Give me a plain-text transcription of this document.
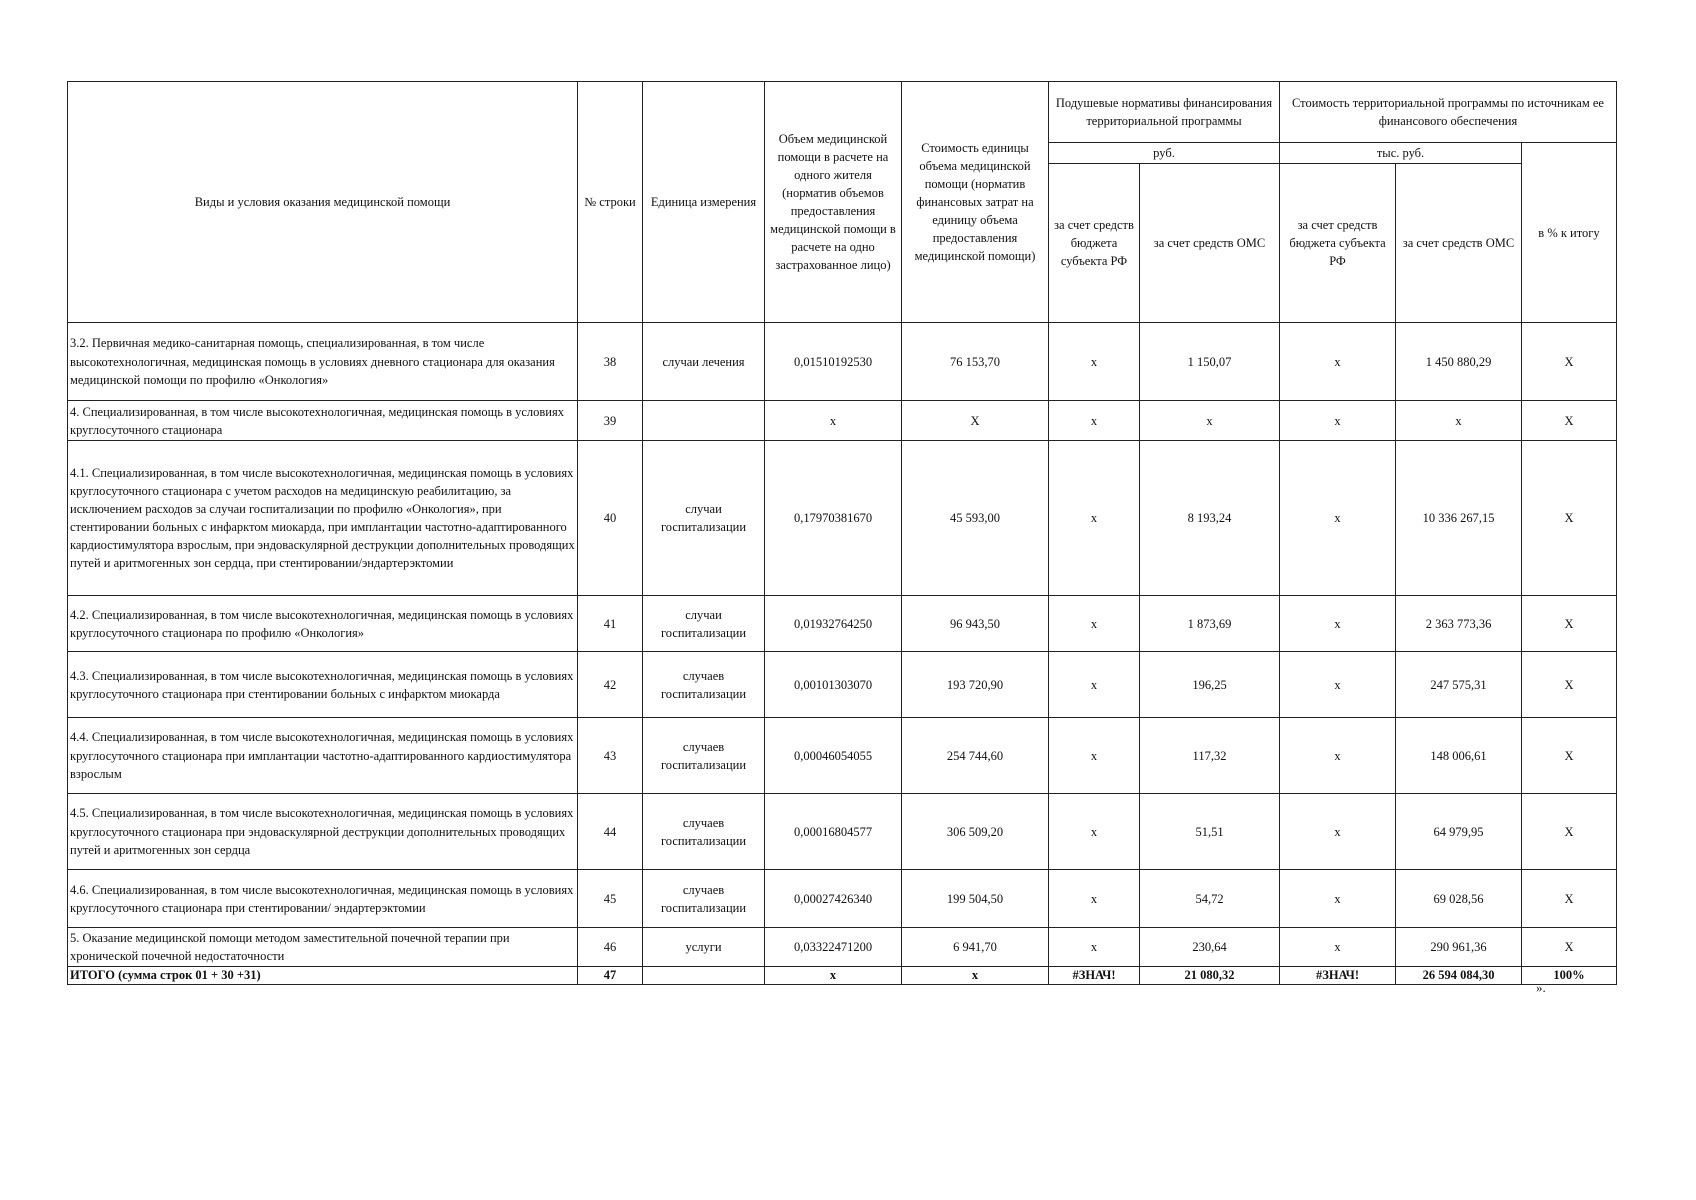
Виды и условия оказания медицинской помощи	№ строки	Единица измерения	Объем медицинской помощи в расчете на одного жителя (норматив объемов предоставления медицинской помощи в расчете на одно застрахованное лицо)	Стоимость единицы объема медицинской помощи (норматив финансовых затрат на единицу объема предоставления медицинской помощи)	Подушевые нормативы финансирования территориальной программы		Стоимость территориальной программы по источникам ее финансового обеспечения		
					руб.		тыс. руб.		в % к итогу
					за счет средств бюджета субъекта РФ	за счет средств ОМС	за счет средств бюджета субъекта РФ	за счет средств ОМС	
3.2. Первичная медико-санитарная помощь, специализированная, в том числе высокотехнологичная, медицинская помощь в условиях дневного стационара для оказания медицинской помощи по профилю «Онкология»	38	случаи лечения	0,01510192530	76 153,70	х	1 150,07	х	1 450 880,29	Х
4. Специализированная, в том числе высокотехнологичная, медицинская помощь в условиях круглосуточного стационара	39		х	Х	х	х	х	х	Х
4.1. Специализированная, в том числе высокотехнологичная, медицинская помощь в условиях круглосуточного стационара с учетом расходов на медицинскую реабилитацию, за исключением расходов за случаи госпитализации по профилю «Онкология», при стентировании больных с инфарктом миокарда, при имплантации частотно-адаптированного кардиостимулятора взрослым, при эндоваскулярной деструкции дополнительных проводящих путей и аритмогенных зон сердца, при стентировании/эндартерэктомии	40	случаи госпитализации	0,17970381670	45 593,00	х	8 193,24	х	10 336 267,15	Х
4.2. Специализированная, в том числе высокотехнологичная, медицинская помощь в условиях круглосуточного стационара по профилю «Онкология»	41	случаи госпитализации	0,01932764250	96 943,50	х	1 873,69	х	2 363 773,36	Х
4.3. Специализированная, в том числе высокотехнологичная, медицинская помощь в условиях круглосуточного стационара при стентировании больных с инфарктом миокарда	42	случаев госпитализации	0,00101303070	193 720,90	х	196,25	х	247 575,31	Х
4.4. Специализированная, в том числе высокотехнологичная, медицинская помощь в условиях круглосуточного стационара при имплантации частотно-адаптированного кардиостимулятора взрослым	43	случаев госпитализации	0,00046054055	254 744,60	х	117,32	х	148 006,61	Х
4.5. Специализированная, в том числе высокотехнологичная, медицинская помощь в условиях круглосуточного стационара при эндоваскулярной деструкции дополнительных проводящих путей и аритмогенных зон сердца	44	случаев госпитализации	0,00016804577	306 509,20	х	51,51	х	64 979,95	Х
4.6. Специализированная, в том числе высокотехнологичная, медицинская помощь в условиях круглосуточного стационара при стентировании/ эндартерэктомии	45	случаев госпитализации	0,00027426340	199 504,50	х	54,72	х	69 028,56	Х
5. Оказание медицинской помощи методом заместительной почечной терапии при хронической почечной недостаточности	46	услуги	0,03322471200	6 941,70	х	230,64	х	290 961,36	Х
ИТОГО (сумма строк 01 + 30 +31)	47		х	х	#ЗНАЧ!	21 080,32	#ЗНАЧ!	26 594 084,30	100%
».
